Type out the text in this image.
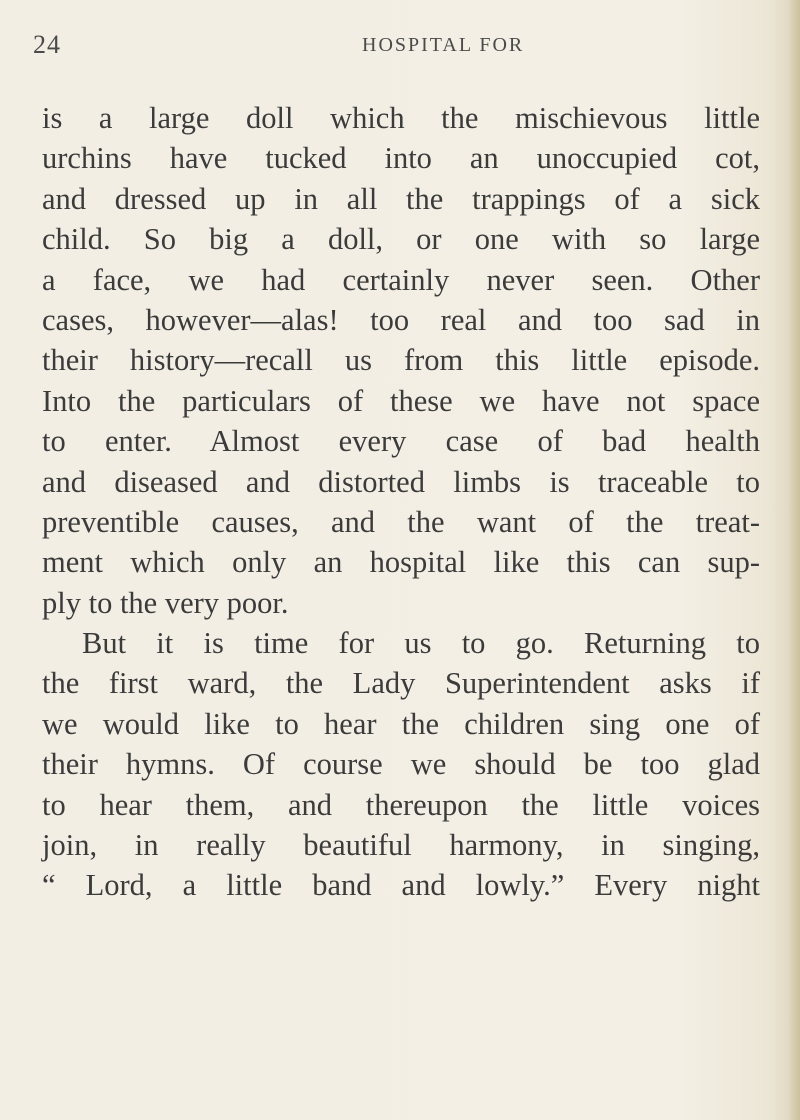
24	HOSPITAL FOR
is a large doll which the mischievous little
urchins have tucked into an unoccupied cot,
and dressed up in all the trappings of a sick
child. So big a doll, or one with so large
a face, we had certainly never seen. Other
cases, however—alas! too real and too sad in
their history—recall us from this little episode.
Into the particulars of these we have not space
to enter. Almost every case of bad health
and diseased and distorted limbs is traceable to
preventible causes, and the want of the treat-
ment which only an hospital like this can sup-
ply to the very poor.
But it is time for us to go. Returning to
the first ward, the Lady Superintendent asks if
we would like to hear the children sing one of
their hymns. Of course we should be too glad
to hear them, and thereupon the little voices
join, in really beautiful harmony, in singing,
“ Lord, a little band and lowly.” Every night
